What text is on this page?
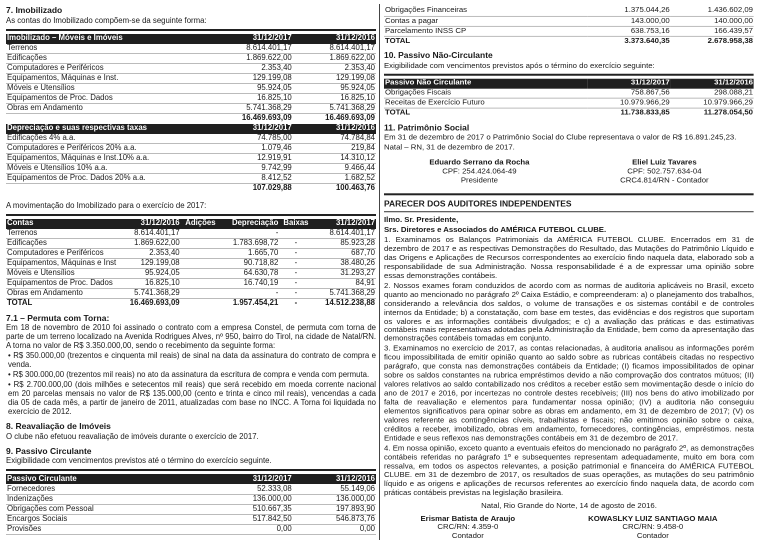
7. Imobilizado
As contas do Imobilizado compõem-se da seguinte forma:
Imobilizado – Móveis e Imóveis	31/12/2017	31/12/2016
Terrenos	8.614.401,17	8.614.401,17
Edificações	1.869.622,00	1.869.622,00
Computadores e Periféricos	2.353,40	2.353,40
Equipamentos, Máquinas e Inst.	129.199,08	129.199,08
Móveis e Utensílios	95.924,05	95.924,05
Equipamentos de Proc. Dados	16.825,10	16.825,10
Obras em Andamento	5.741.368,29	5.741.368,29
	16.469.693,09	16.469.693,09
Depreciação e suas respectivas taxas	31/12/2017	31/12/2016
Edificações 4% a.a.	74.785,00	74.784,84
Computadores e Periféricos 20% a.a.	1.079,46	219,84
Equipamentos, Máquinas e Inst.10% a.a.	12.919,91	14.310,12
Móveis e Utensílios 10% a.a.	9.742,99	9.466,44
Equipamentos de Proc. Dados 20% a.a.	8.412,52	1.682,52
	107.029,88	100.463,76
A movimentação do Imobilizado para o exercício de 2017:
Contas	31/12/2016	Adições	Depreciação	Baixas	31/12/2017
Terrenos	8.614.401,17		-		8.614.401,17
Edificações	1.869.622,00		1.783.698,72	-	85.923,28
Computadores e Periféricos	2.353,40		1.665,70	-	687,70
Equipamentos, Máquinas e Inst	129.199,08		90.718,82	-	38.480,26
Móveis e Utensílios	95.924,05		64.630,78	-	31.293,27
Equipamentos de Proc. Dados	16.825,10		16.740,19	-	84,91
Obras em Andamento	5.741.368,29		-	-	5.741.368,29
TOTAL	16.469.693,09		1.957.454,21	-	14.512.238,88
7.1 – Permuta com Torna:
Em 18 de novembro de 2010 foi assinado o contrato com a empresa Constel, de permuta com torna de parte de um terreno localizado na Avenida Rodrigues Alves, nº 950, bairro do Tirol, na cidade de Natal/RN. A torna no valor de R$ 3.350.000,00, sendo o recebimento da seguinte forma:
• R$ 350.000,00 (trezentos e cinquenta mil reais) de sinal na data da assinatura do contrato de compra e venda.
• R$ 300.000,00 (trezentos mil reais) no ato da assinatura da escritura de compra e venda com permuta.
• R$ 2.700.000,00 (dois milhões e setecentos mil reais) que será recebido em moeda corrente nacional em 20 parcelas mensais no valor de R$ 135.000,00 (cento e trinta e cinco mil reais), vencendas a cada dia 05 de cada mês, a partir de janeiro de 2011, atualizadas com base no INCC. A Torna foi liquidada no exercício de 2012.
8. Reavaliação de Imóveis
O clube não efetuou reavaliação de imóveis durante o exercício de 2017.
9. Passivo Circulante
Exigibilidade com vencimentos previstos até o término do exercício seguinte.
Passivo Circulante	31/12/2017	31/12/2016
Fornecedores	52.333,08	55.149,06
Indenizações	136.000,00	136.000,00
Obrigações com Pessoal	510.667,35	197.893,90
Encargos Sociais	517.842,50	546.873,76
Provisões	0,00	0,00
Obrigações Financeiras	1.375.044,26	1.436.602,09
Contas a pagar	143.000,00	140.000,00
Parcelamento INSS CP	638.753,16	166.439,57
TOTAL	3.373.640,35	2.678.958,38
10. Passivo Não-Circulante
Exigibilidade com vencimentos previstos após o término do exercício seguinte:
Passivo Não Circulante	31/12/2017	31/12/2016
Obrigações Fiscais	758.867,56	298.088,21
Receitas de Exercício Futuro	10.979.966,29	10.979.966,29
TOTAL	11.738.833,85	11.278.054,50
11. Patrimônio Social
Em 31 de dezembro de 2017 o Patrimônio Social do Clube representava o valor de R$ 16.891.245,23.
Natal – RN, 31 de dezembro de 2017.
Eduardo Serrano da Rocha
CPF: 254.424.064-49
Presidente
Eliel Luiz Tavares
CPF: 502.757.634-04
CRC4.814/RN - Contador
PARECER DOS AUDITORES INDEPENDENTES
Ilmo. Sr. Presidente,
Srs. Diretores e Associados do AMÉRICA FUTEBOL CLUBE.
1. Examinamos os Balanços Patrimoniais da AMÉRICA FUTEBOL CLUBE. Encerrados em 31 de dezembro de 2017 e as respectivas Demonstrações do Resultado, das Mutações do Patrimônio Líquido e das Origens e Aplicações de Recursos correspondentes ao exercício findo naquela data, elaborado sob a responsabilidade de sua Administração. Nossa responsabilidade é a de expressar uma opinião sobre essas demonstrações contábeis.
2. Nossos exames foram conduzidos de acordo com as normas de auditoria aplicáveis no Brasil, exceto quanto ao mencionado no parágrafo 2º Caixa Estádio, e compreenderam: a) o planejamento dos trabalhos, considerando a relevância dos saldos, o volume de transações e os sistemas contábil e de controles internos da Entidade; b) a constatação, com base em testes, das evidências e dos registros que suportam os valores e as informações contábeis divulgados; e c) a avaliação das práticas e das estimativas contábeis mais representativas adotadas pela Administração da Entidade, bem como da apresentação das demonstrações contábeis tomadas em conjunto.
3. Examinamos no exercício de 2017, as contas relacionadas, à auditoria analisou as informações porém ficou impossibilitada de emitir opinião quanto ao saldo sobre as rubricas contábeis citadas no respectivo parágrafo, que consta nas demonstrações contábeis da Entidade; (I) ficamos impossibilitados de opinar sobre os saldos constantes na rubrica empréstimos devido a não comprovação dos contratos mútuos; (II) valores relativos ao saldo contabilizado nos créditos a receber estão sem movimentação desde o início do ano de 2017 e 2016, por incertezas no controle destes recebíveis; (III) nos bens do ativo imobilizado por falta de reavaliação e elementos para fundamentar nossa opinião; (IV) a auditoria não conseguiu elementos significativos para opinar sobre as obras em andamento, em 31 de dezembro de 2017; (V) os valores referente as contingências cíveis, trabalhistas e fiscais; não emitimos opinião sobre o caixa, créditos a receber, imobilizado, obras em andamento, fornecedores, contingências, empréstimos. nesta Entidade e seus reflexos nas demonstrações contábeis em 31 de dezembro de 2017.
4. Em nossa opinião, exceto quanto a eventuais efeitos do mencionado no parágrafo 2º, as demonstrações contábeis referidas no parágrafo 1º e subsequentes representam adequadamente, muito em bora com ressalva, em todos os aspectos relevantes, a posição patrimonial e financeira do AMÉRICA FUTEBOL CLUBE. em 31 de dezembro de 2017, os resultados de suas operações, as mutações do seu patrimônio líquido e as origens e aplicações de recursos referentes ao exercício findo naquela data, de acordo com práticas contábeis previstas na legislação brasileira.
Natal, Rio Grande do Norte, 14 de agosto de 2016.
Erismar Batista de Araujo
CRC/RN: 4.359-0
Contador
KOWASLKY LUIZ SANTIAGO MAIA
CRC/RN: 9.458-0
Contador
